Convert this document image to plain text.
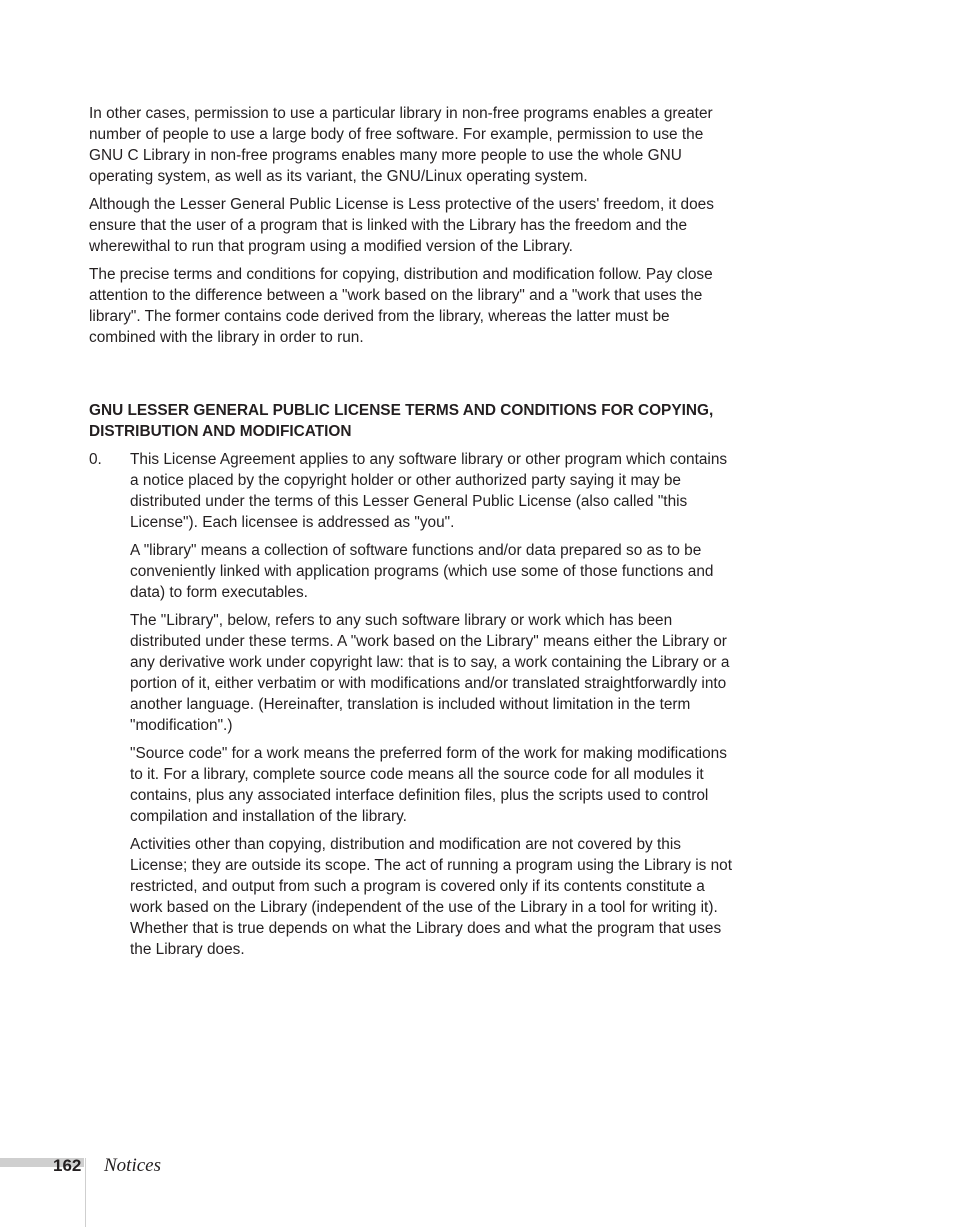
In other cases, permission to use a particular library in non-free programs enables a greater number of people to use a large body of free software. For example, permission to use the GNU C Library in non-free programs enables many more people to use the whole GNU operating system, as well as its variant, the GNU/Linux operating system.

Although the Lesser General Public License is Less protective of the users' freedom, it does ensure that the user of a program that is linked with the Library has the freedom and the wherewithal to run that program using a modified version of the Library.

The precise terms and conditions for copying, distribution and modification follow. Pay close attention to the difference between a "work based on the library" and a "work that uses the library". The former contains code derived from the library, whereas the latter must be combined with the library in order to run.

GNU LESSER GENERAL PUBLIC LICENSE TERMS AND CONDITIONS FOR COPYING, DISTRIBUTION AND MODIFICATION
0.	This License Agreement applies to any software library or other program which contains a notice placed by the copyright holder or other authorized party saying it may be distributed under the terms of this Lesser General Public License (also called "this License"). Each licensee is addressed as "you".

A "library" means a collection of software functions and/or data prepared so as to be conveniently linked with application programs (which use some of those functions and data) to form executables.

The "Library", below, refers to any such software library or work which has been distributed under these terms. A "work based on the Library" means either the Library or any derivative work under copyright law: that is to say, a work containing the Library or a portion of it, either verbatim or with modifications and/or translated straightforwardly into another language. (Hereinafter, translation is included without limitation in the term "modification".)

"Source code" for a work means the preferred form of the work for making modifications to it. For a library, complete source code means all the source code for all modules it contains, plus any associated interface definition files, plus the scripts used to control compilation and installation of the library.

Activities other than copying, distribution and modification are not covered by this License; they are outside its scope. The act of running a program using the Library is not restricted, and output from such a program is covered only if its contents constitute a work based on the Library (independent of the use of the Library in a tool for writing it). Whether that is true depends on what the Library does and what the program that uses the Library does.

162 Notices
